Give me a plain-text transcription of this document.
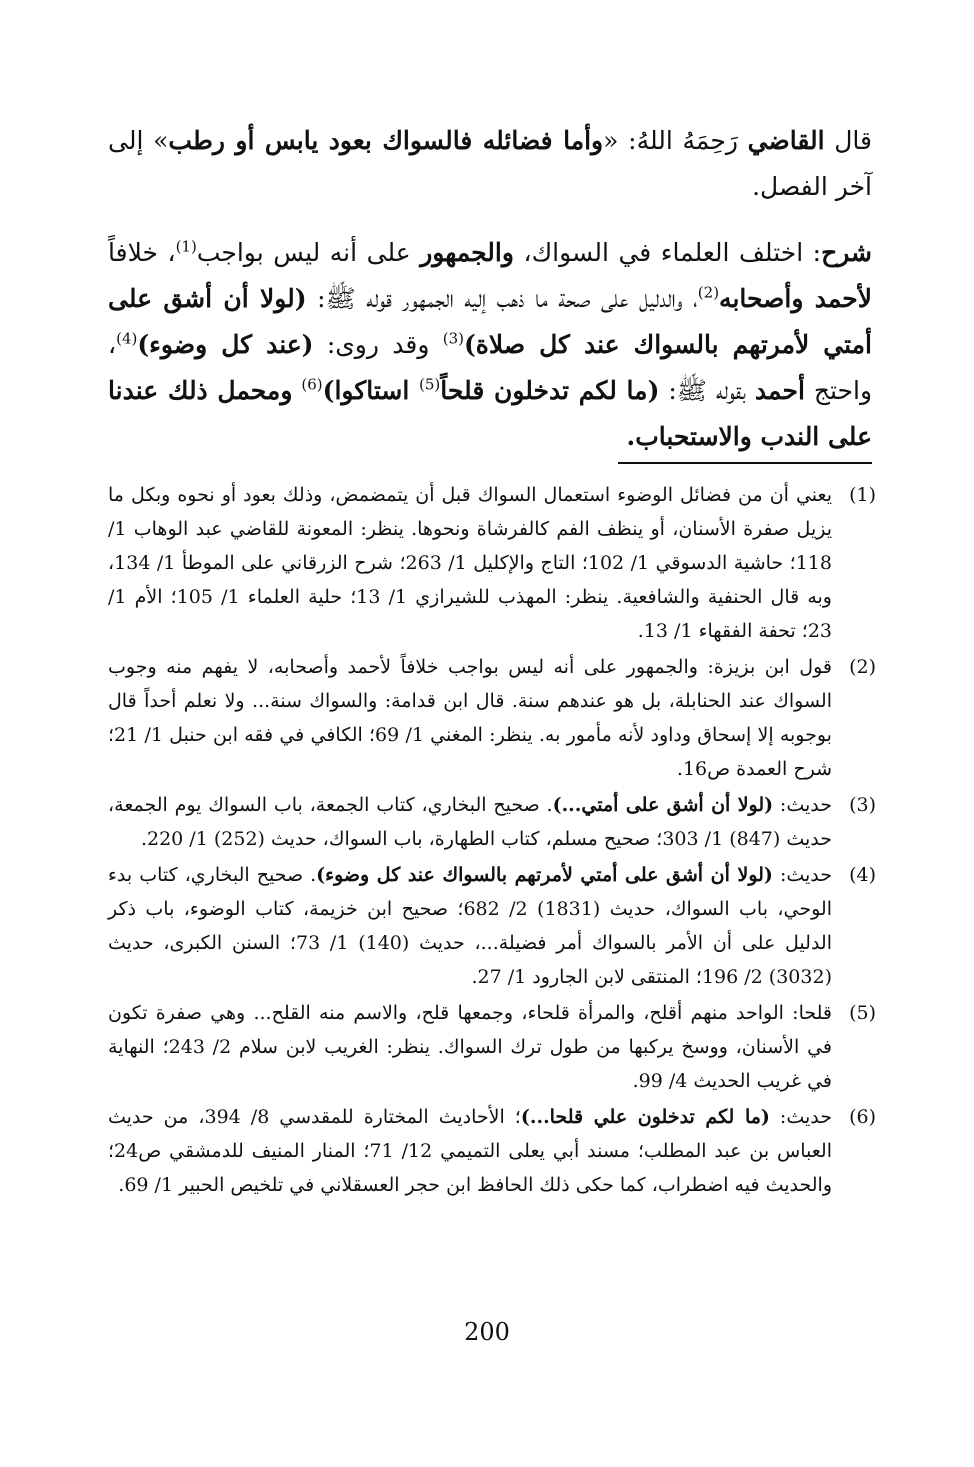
قال القاضي رَحِمَهُ اللهُ: «وأما فضائله فالسواك بعود يابس أو رطب» إلى آخر الفصل.

شرح: اختلف العلماء في السواك، والجمهور على أنه ليس بواجب$^{(1)}$، خلافاً لأحمد وأصحابه$^{(2)}$، والدليل على صحة ما ذهب إليه الجمهور قوله ﷺ: (لولا أن أشق على أمتي لأمرتهم بالسواك عند كل صلاة)$^{(3)}$ وقد روى: (عند كل وضوء)$^{(4)}$، واحتج أحمد بقوله ﷺ: (ما لكم تدخلون قلحاً$^{(5)}$ استاكوا)$^{(6)}$ ومحمل ذلك عندنا على الندب والاستحباب.

(1)
يعني أن من فضائل الوضوء استعمال السواك قبل أن يتمضمض، وذلك بعود أو نحوه وبكل ما يزيل صفرة الأسنان، أو ينظف الفم كالفرشاة ونحوها. ينظر: المعونة للقاضي عبد الوهاب 1/ 118؛ حاشية الدسوقي 1/ 102؛ التاج والإكليل 1/ 263؛ شرح الزرقاني على الموطأ 1/ 134، وبه قال الحنفية والشافعية. ينظر: المهذب للشيرازي 1/ 13؛ حلية العلماء 1/ 105؛ الأم 1/ 23؛ تحفة الفقهاء 1/ 13.
(2)
قول ابن بزيزة: والجمهور على أنه ليس بواجب خلافاً لأحمد وأصحابه، لا يفهم منه وجوب السواك عند الحنابلة، بل هو عندهم سنة. قال ابن قدامة: والسواك سنة... ولا نعلم أحداً قال بوجوبه إلا إسحاق وداود لأنه مأمور به. ينظر: المغني 1/ 69؛ الكافي في فقه ابن حنبل 1/ 21؛ شرح العمدة ص16.
(3)
حديث: (لولا أن أشق على أمتي...). صحيح البخاري، كتاب الجمعة، باب السواك يوم الجمعة، حديث (847) 1/ 303؛ صحيح مسلم، كتاب الطهارة، باب السواك، حديث (252) 1/ 220.
(4)
حديث: (لولا أن أشق على أمتي لأمرتهم بالسواك عند كل وضوء). صحيح البخاري، كتاب بدء الوحي، باب السواك، حديث (1831) 2/ 682؛ صحيح ابن خزيمة، كتاب الوضوء، باب ذكر الدليل على أن الأمر بالسواك أمر فضيلة...، حديث (140) 1/ 73؛ السنن الكبرى، حديث (3032) 2/ 196؛ المنتقى لابن الجارود 1/ 27.
(5)
قلحا: الواحد منهم أقلح، والمرأة قلحاء، وجمعها قلح، والاسم منه القلح... وهي صفرة تكون في الأسنان، ووسخ يركبها من طول ترك السواك. ينظر: الغريب لابن سلام 2/ 243؛ النهاية في غريب الحديث 4/ 99.
(6)
حديث: (ما لكم تدخلون علي قلحا...)؛ الأحاديث المختارة للمقدسي 8/ 394، من حديث العباس بن عبد المطلب؛ مسند أبي يعلى التميمي 12/ 71؛ المنار المنيف للدمشقي ص24؛ والحديث فيه اضطراب، كما حكى ذلك الحافظ ابن حجر العسقلاني في تلخيص الحبير 1/ 69.
200
